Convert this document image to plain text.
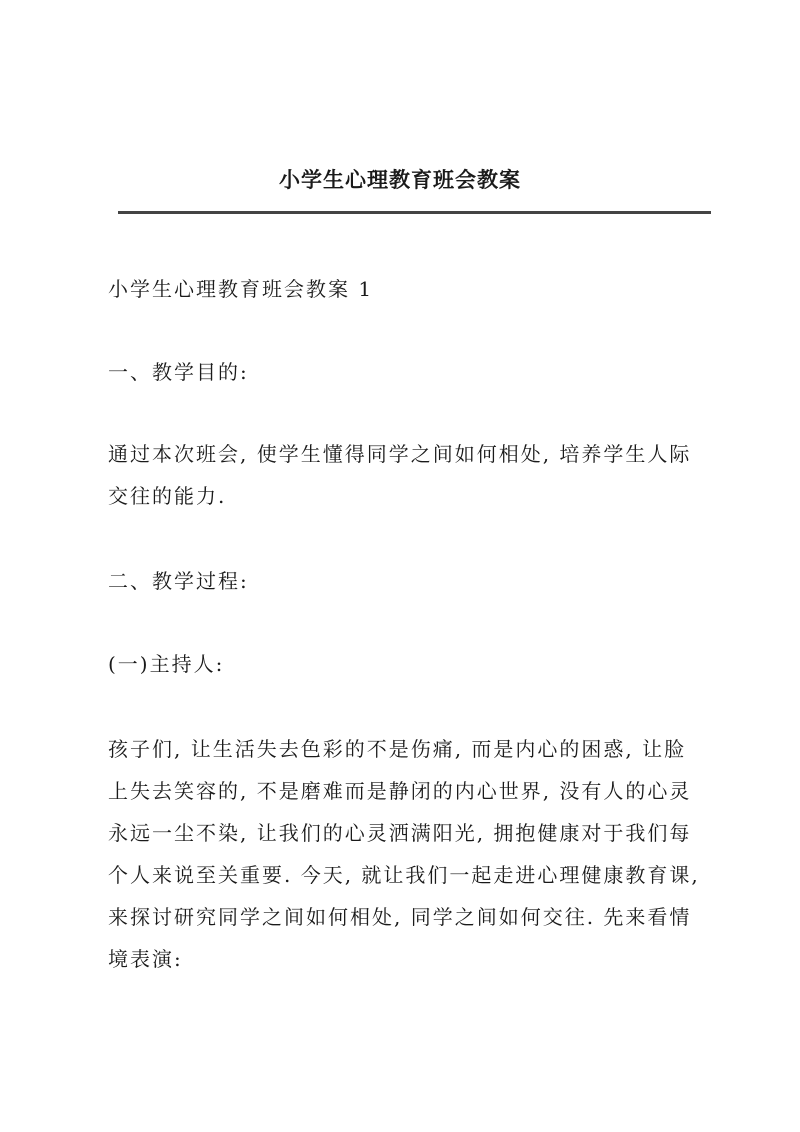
小学生心理教育班会教案

小学生心理教育班会教案 1

一、教学目的:

通过本次班会, 使学生懂得同学之间如何相处, 培养学生人际交往的能力.

二、教学过程:

(一)主持人:

孩子们, 让生活失去色彩的不是伤痛, 而是内心的困惑, 让脸上失去笑容的, 不是磨难而是静闭的内心世界, 没有人的心灵永远一尘不染, 让我们的心灵洒满阳光, 拥抱健康对于我们每个人来说至关重要. 今天, 就让我们一起走进心理健康教育课, 来探讨研究同学之间如何相处, 同学之间如何交往. 先来看情境表演:
